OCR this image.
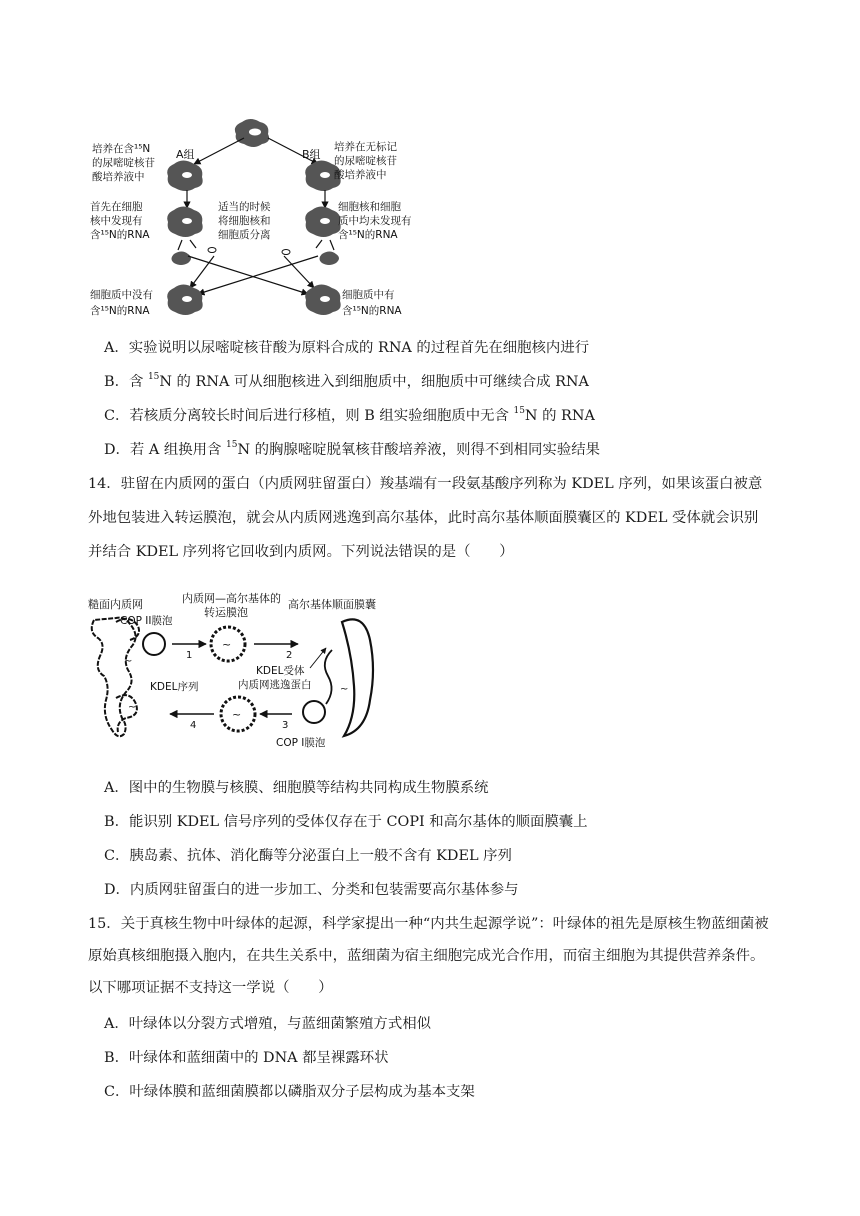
A组	B组
培养在含¹⁵N
的尿嘧啶核苷
酸培养液中
培养在无标记
的尿嘧啶核苷
酸培养液中
首先在细胞
核中发现有
含¹⁵N的RNA
适当的时候
将细胞核和
细胞质分离
细胞核和细胞
质中均未发现有
含¹⁵N的RNA
细胞质中没有
含¹⁵N的RNA
细胞质中有
含¹⁵N的RNA
A．实验说明以尿嘧啶核苷酸为原料合成的 RNA 的过程首先在细胞核内进行
B．含 $^{15}$N 的 RNA 可从细胞核进入到细胞质中，细胞质中可继续合成 RNA
C．若核质分离较长时间后进行移植，则 B 组实验细胞质中无含 $^{15}$N 的 RNA
D．若 A 组换用含 $^{15}$N 的胸腺嘧啶脱氧核苷酸培养液，则得不到相同实验结果
14．驻留在内质网的蛋白（内质网驻留蛋白）羧基端有一段氨基酸序列称为 KDEL 序列，如果该蛋白被意
外地包装进入转运膜泡，就会从内质网逃逸到高尔基体，此时高尔基体顺面膜囊区的 KDEL 受体就会识别
并结合 KDEL 序列将它回收到内质网。下列说法错误的是（　　）
~
~
~
~
~
糙面内质网	内质网—高尔基体的
转运膜泡
高尔基体顺面膜囊
COP II膜泡
KDEL受体
内质网逃逸蛋白
KDEL序列
COP I膜泡
1	2
3
4
A．图中的生物膜与核膜、细胞膜等结构共同构成生物膜系统
B．能识别 KDEL 信号序列的受体仅存在于 COPI 和高尔基体的顺面膜囊上
C．胰岛素、抗体、消化酶等分泌蛋白上一般不含有 KDEL 序列
D．内质网驻留蛋白的进一步加工、分类和包装需要高尔基体参与
15．关于真核生物中叶绿体的起源，科学家提出一种“内共生起源学说”：叶绿体的祖先是原核生物蓝细菌被
原始真核细胞摄入胞内，在共生关系中，蓝细菌为宿主细胞完成光合作用，而宿主细胞为其提供营养条件。
以下哪项证据不支持这一学说（　　）
A．叶绿体以分裂方式增殖，与蓝细菌繁殖方式相似
B．叶绿体和蓝细菌中的 DNA 都呈裸露环状
C．叶绿体膜和蓝细菌膜都以磷脂双分子层构成为基本支架
